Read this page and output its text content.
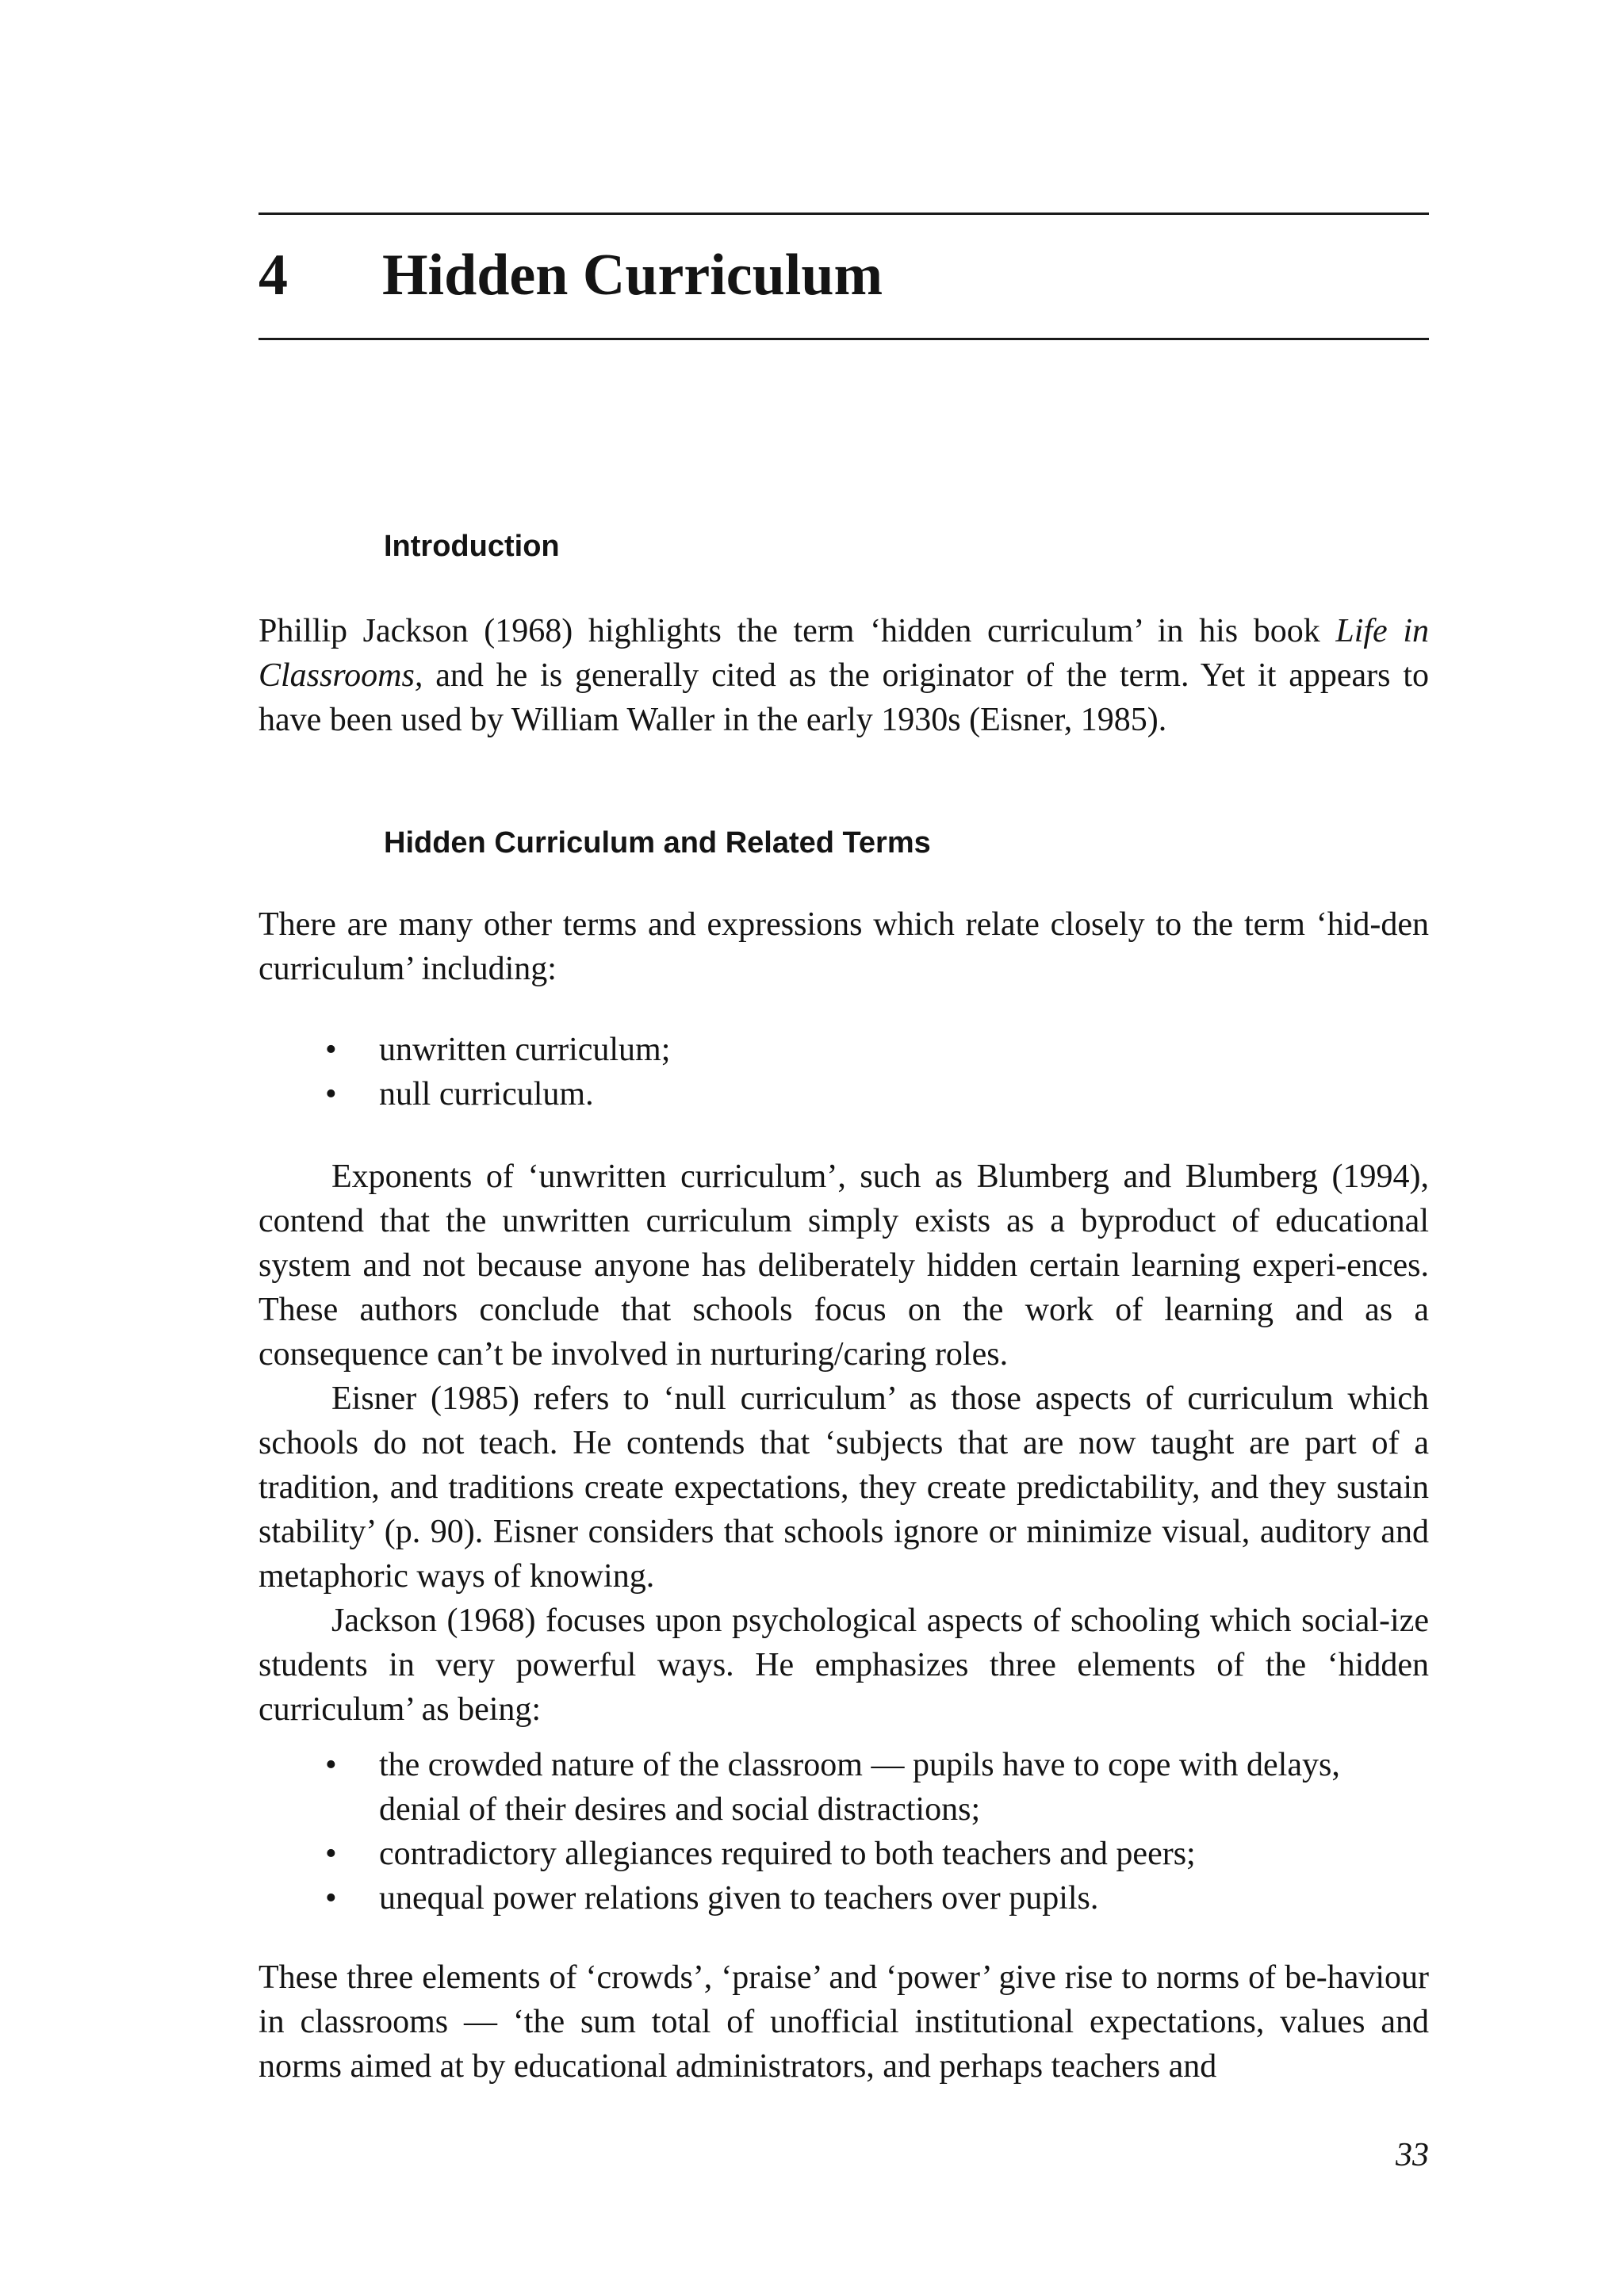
4 Hidden Curriculum
Introduction

Phillip Jackson (1968) highlights the term ‘hidden curriculum’ in his book Life in Classrooms, and he is generally cited as the originator of the term. Yet it appears to have been used by William Waller in the early 1930s (Eisner, 1985).

Hidden Curriculum and Related Terms

There are many other terms and expressions which relate closely to the term ‘hid-den curriculum’ including:

•	unwritten curriculum;
•	null curriculum.

Exponents of ‘unwritten curriculum’, such as Blumberg and Blumberg (1994), contend that the unwritten curriculum simply exists as a byproduct of educational system and not because anyone has deliberately hidden certain learning experi-ences. These authors conclude that schools focus on the work of learning and as a consequence can’t be involved in nurturing/caring roles.

Eisner (1985) refers to ‘null curriculum’ as those aspects of curriculum which schools do not teach. He contends that ‘subjects that are now taught are part of a tradition, and traditions create expectations, they create predictability, and they sustain stability’ (p. 90). Eisner considers that schools ignore or minimize visual, auditory and metaphoric ways of knowing.

Jackson (1968) focuses upon psychological aspects of schooling which social-ize students in very powerful ways. He emphasizes three elements of the ‘hidden curriculum’ as being:

•	the crowded nature of the classroom — pupils have to cope with delays, denial of their desires and social distractions;
•	contradictory allegiances required to both teachers and peers;
•	unequal power relations given to teachers over pupils.

These three elements of ‘crowds’, ‘praise’ and ‘power’ give rise to norms of be-haviour in classrooms — ‘the sum total of unofficial institutional expectations, values and norms aimed at by educational administrators, and perhaps teachers and

33
